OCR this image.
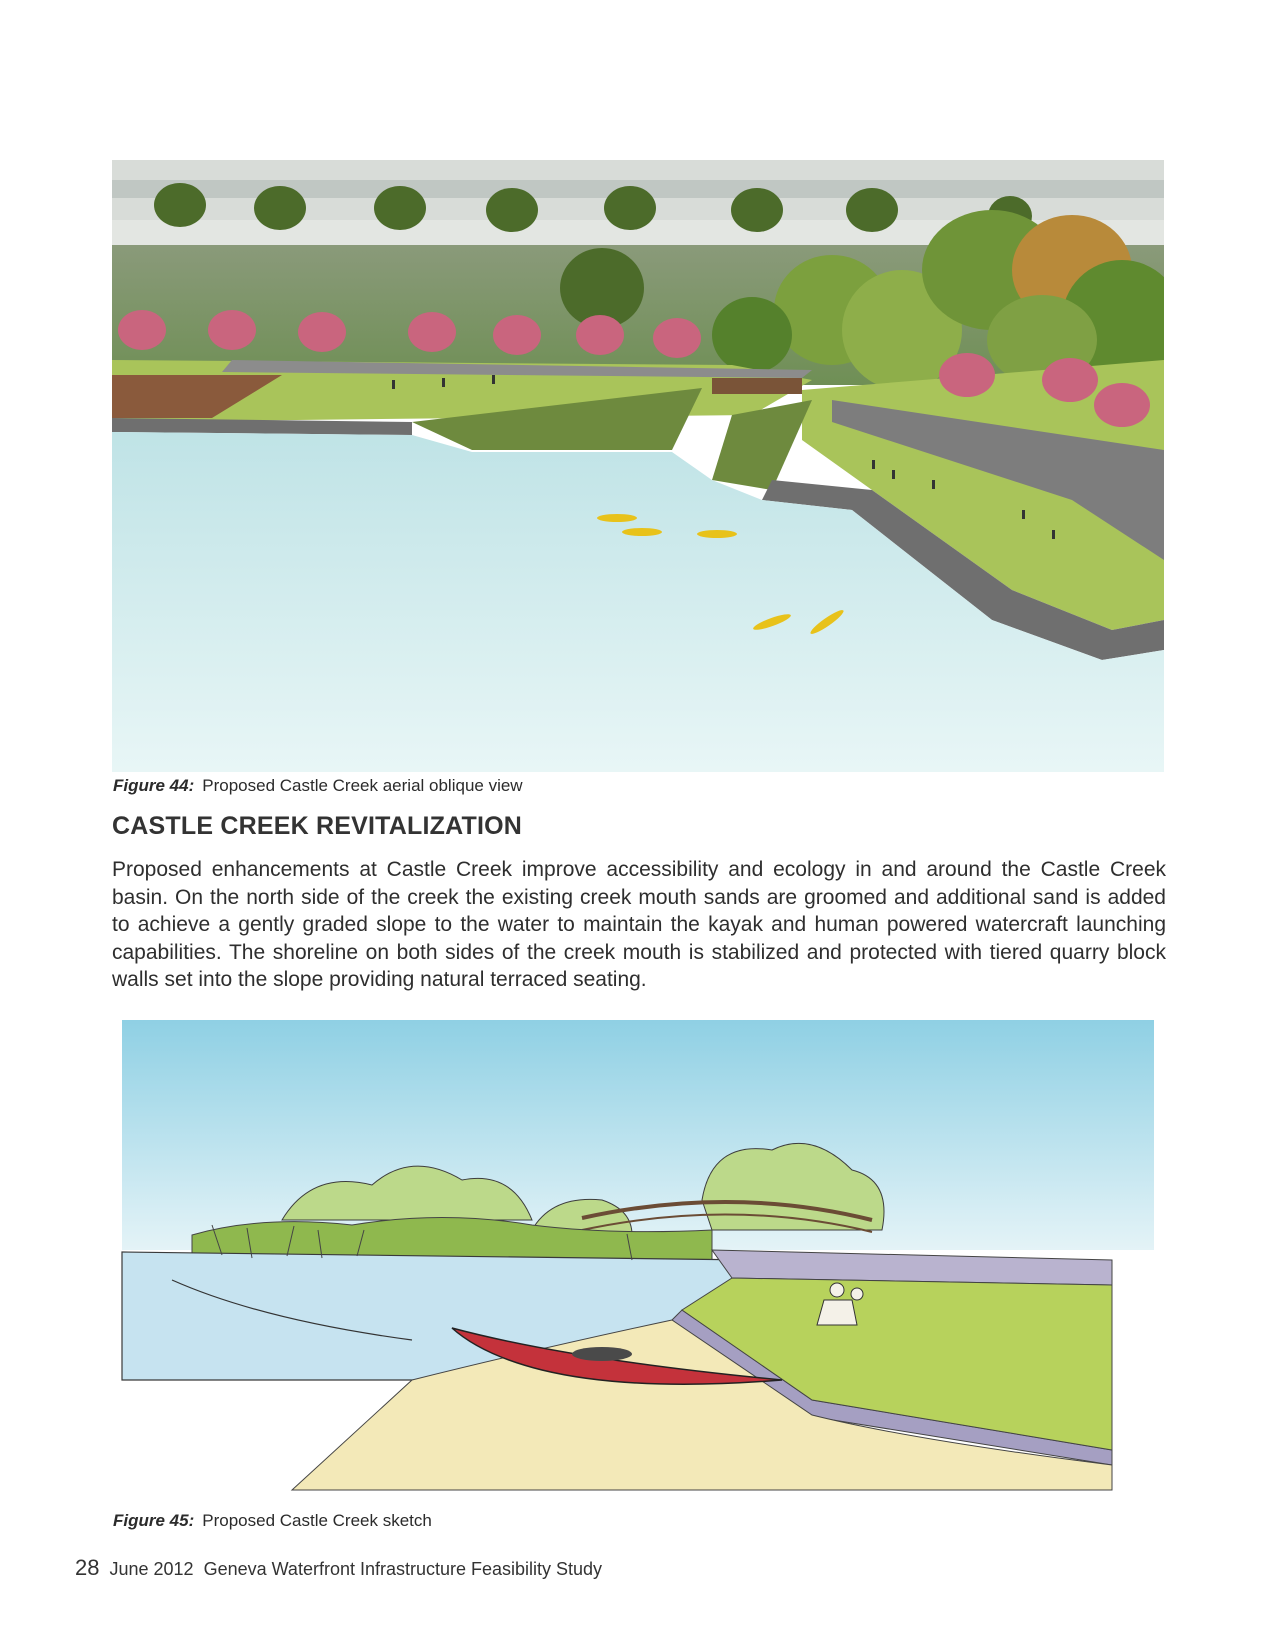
Figure 44: Proposed Castle Creek aerial oblique view
CASTLE CREEK REVITALIZATION

Proposed enhancements at Castle Creek improve accessibility and ecology in and around the Castle Creek basin. On the north side of the creek the existing creek mouth sands are groomed and additional sand is added to achieve a gently graded slope to the water to maintain the kayak and human powered watercraft launching capabilities. The shoreline on both sides of the creek mouth is stabilized and protected with tiered quarry block walls set into the slope providing natural terraced seating.

Figure 45: Proposed Castle Creek sketch
28 June 2012 Geneva Waterfront Infrastructure Feasibility Study
